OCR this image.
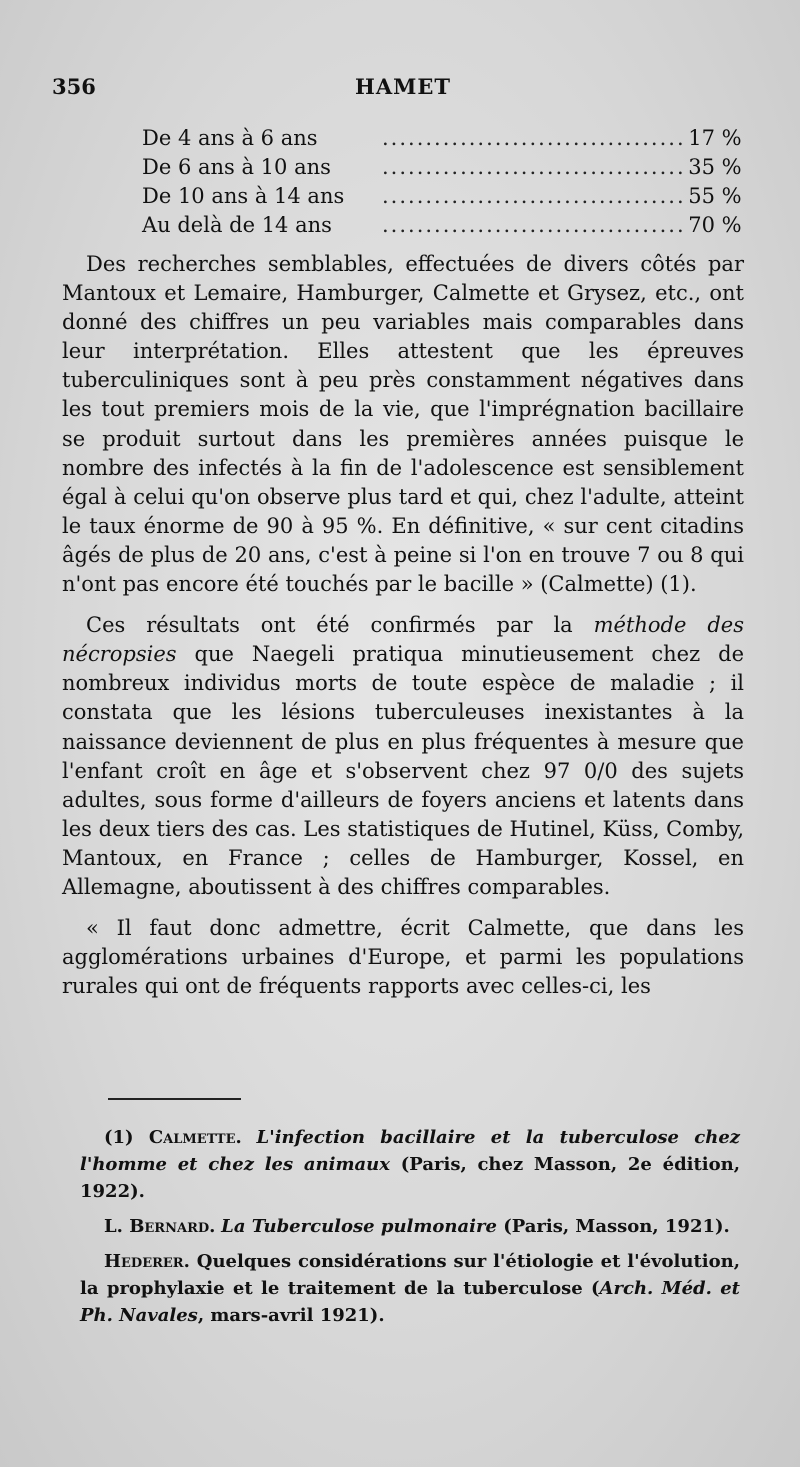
356	HAMET
De 4 ans à 6 ans	................................... 17 %
De 6 ans à 10 ans	................................... 35 %
De 10 ans à 14 ans	................................... 55 %
Au delà de 14 ans	................................... 70 %

Des recherches semblables, effectuées de divers côtés par Mantoux et Lemaire, Hamburger, Calmette et Grysez, etc., ont donné des chiffres un peu variables mais comparables dans leur interprétation. Elles attestent que les épreuves tuberculiniques sont à peu près constamment négatives dans les tout premiers mois de la vie, que l'imprégnation bacillaire se produit surtout dans les premières années puisque le nombre des infectés à la fin de l'adolescence est sensiblement égal à celui qu'on observe plus tard et qui, chez l'adulte, atteint le taux énorme de 90 à 95 %. En définitive, « sur cent citadins âgés de plus de 20 ans, c'est à peine si l'on en trouve 7 ou 8 qui n'ont pas encore été touchés par le bacille » (Calmette) (1).

Ces résultats ont été confirmés par la méthode des nécropsies que Naegeli pratiqua minutieusement chez de nombreux individus morts de toute espèce de maladie ; il constata que les lésions tuberculeuses inexistantes à la naissance deviennent de plus en plus fréquentes à mesure que l'enfant croît en âge et s'observent chez 97 0/0 des sujets adultes, sous forme d'ailleurs de foyers anciens et latents dans les deux tiers des cas. Les statistiques de Hutinel, Küss, Comby, Mantoux, en France ; celles de Hamburger, Kossel, en Allemagne, aboutissent à des chiffres comparables.

« Il faut donc admettre, écrit Calmette, que dans les agglomérations urbaines d'Europe, et parmi les populations rurales qui ont de fréquents rapports avec celles-ci, les

(1) Calmette. L'infection bacillaire et la tuberculose chez l'homme et chez les animaux (Paris, chez Masson, 2e édition, 1922).

L. Bernard. La Tuberculose pulmonaire (Paris, Masson, 1921).

Hederer. Quelques considérations sur l'étiologie et l'évolution, la prophylaxie et le traitement de la tuberculose (Arch. Méd. et Ph. Navales, mars-avril 1921).
